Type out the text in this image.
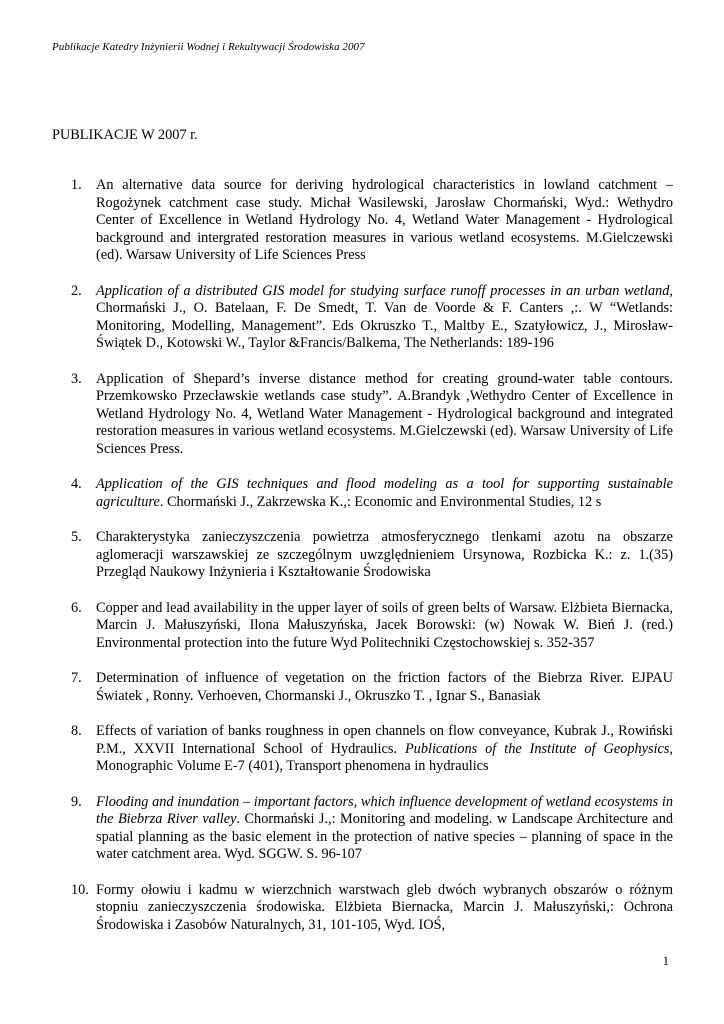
Publikacje Katedry Inżynierii Wodnej i Rekultywacji Środowiska 2007
PUBLIKACJE W 2007 r.
1. An alternative data source for deriving hydrological characteristics in lowland catchment – Rogożynek catchment case study. Michał Wasilewski, Jarosław Chormański, Wyd.: Wethydro Center of Excellence in Wetland Hydrology No. 4, Wetland Water Management - Hydrological background and intergrated restoration measures in various wetland ecosystems. M.Gielczewski (ed). Warsaw University of Life Sciences Press
2. Application of a distributed GIS model for studying surface runoff processes in an urban wetland, Chormański J., O. Batelaan, F. De Smedt, T. Van de Voorde & F. Canters ,:. W “Wetlands: Monitoring, Modelling, Management”. Eds Okruszko T., Maltby E., Szatyłowicz, J., Mirosław-Świątek D., Kotowski W., Taylor &Francis/Balkema, The Netherlands: 189-196
3. Application of Shepard’s inverse distance method for creating ground-water table contours. Przemkowsko Przecławskie wetlands case study”. A.Brandyk ,Wethydro Center of Excellence in Wetland Hydrology No. 4, Wetland Water Management - Hydrological background and integrated restoration measures in various wetland ecosystems. M.Gielczewski (ed). Warsaw University of Life Sciences Press.
4. Application of the GIS techniques and flood modeling as a tool for supporting sustainable agriculture. Chormański J., Zakrzewska K.,: Economic and Environmental Studies, 12 s
5. Charakterystyka zanieczyszczenia powietrza atmosferycznego tlenkami azotu na obszarze aglomeracji warszawskiej ze szczególnym uwzględnieniem Ursynowa, Rozbicka K.: z. 1.(35) Przegląd Naukowy Inżynieria i Kształtowanie Środowiska
6. Copper and lead availability in the upper layer of soils of green belts of Warsaw. Elżbieta Biernacka, Marcin J. Małuszyński, Ilona Małuszyńska, Jacek Borowski: (w) Nowak W. Bień J. (red.) Environmental protection into the future Wyd Politechniki Częstochowskiej s. 352-357
7. Determination of influence of vegetation on the friction factors of the Biebrza River. EJPAU Światek , Ronny. Verhoeven, Chormanski J., Okruszko T. , Ignar S., Banasiak
8. Effects of variation of banks roughness in open channels on flow conveyance, Kubrak J., Rowiński P.M., XXVII International School of Hydraulics. Publications of the Institute of Geophysics, Monographic Volume E-7 (401), Transport phenomena in hydraulics
9. Flooding and inundation – important factors, which influence development of wetland ecosystems in the Biebrza River valley. Chormański J.,: Monitoring and modeling. w Landscape Architecture and spatial planning as the basic element in the protection of native species – planning of space in the water catchment area. Wyd. SGGW. S. 96-107
10. Formy ołowiu i kadmu w wierzchnich warstwach gleb dwóch wybranych obszarów o różnym stopniu zanieczyszczenia środowiska. Elżbieta Biernacka, Marcin J. Małuszyński,: Ochrona Środowiska i Zasobów Naturalnych, 31, 101-105, Wyd. IOŚ,
1
